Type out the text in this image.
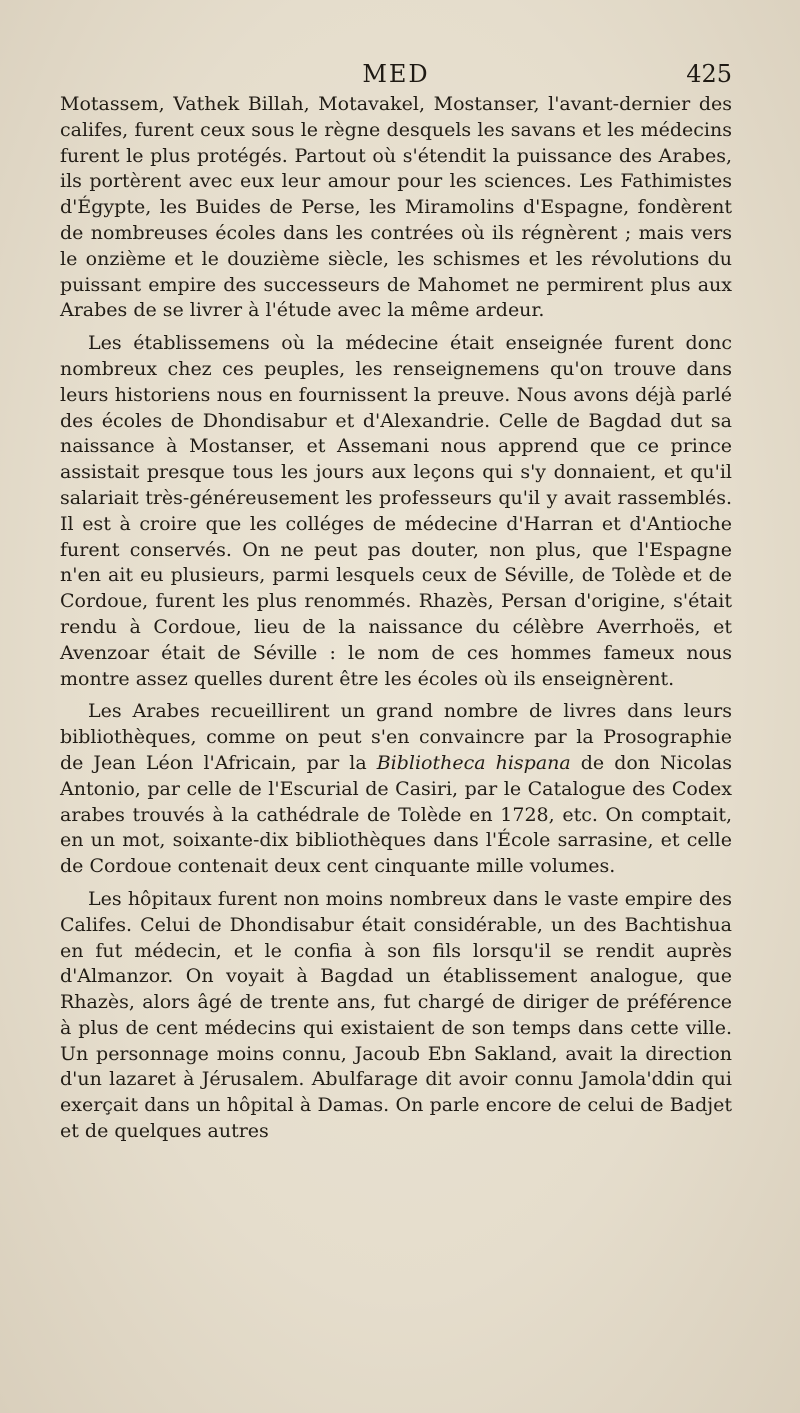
MED	425

Motassem, Vathek Billah, Motavakel, Mostanser, l'avant-dernier des califes, furent ceux sous le règne desquels les savans et les médecins furent le plus protégés. Partout où s'étendit la puissance des Arabes, ils portèrent avec eux leur amour pour les sciences. Les Fathimistes d'Égypte, les Buides de Perse, les Miramolins d'Espagne, fondèrent de nombreuses écoles dans les contrées où ils régnèrent ; mais vers le onzième et le douzième siècle, les schismes et les révolutions du puissant empire des successeurs de Mahomet ne permirent plus aux Arabes de se livrer à l'étude avec la même ardeur.

Les établissemens où la médecine était enseignée furent donc nombreux chez ces peuples, les renseignemens qu'on trouve dans leurs historiens nous en fournissent la preuve. Nous avons déjà parlé des écoles de Dhondisabur et d'Alexandrie. Celle de Bagdad dut sa naissance à Mostanser, et Assemani nous apprend que ce prince assistait presque tous les jours aux leçons qui s'y donnaient, et qu'il salariait très-généreusement les professeurs qu'il y avait rassemblés. Il est à croire que les colléges de médecine d'Harran et d'Antioche furent conservés. On ne peut pas douter, non plus, que l'Espagne n'en ait eu plusieurs, parmi lesquels ceux de Séville, de Tolède et de Cordoue, furent les plus renommés. Rhazès, Persan d'origine, s'était rendu à Cordoue, lieu de la naissance du célèbre Averrhoës, et Avenzoar était de Séville : le nom de ces hommes fameux nous montre assez quelles durent être les écoles où ils enseignèrent.

Les Arabes recueillirent un grand nombre de livres dans leurs bibliothèques, comme on peut s'en convaincre par la Prosographie de Jean Léon l'Africain, par la Bibliotheca hispana de don Nicolas Antonio, par celle de l'Escurial de Casiri, par le Catalogue des Codex arabes trouvés à la cathédrale de Tolède en 1728, etc. On comptait, en un mot, soixante-dix bibliothèques dans l'École sarrasine, et celle de Cordoue contenait deux cent cinquante mille volumes.

Les hôpitaux furent non moins nombreux dans le vaste empire des Califes. Celui de Dhondisabur était considérable, un des Bachtishua en fut médecin, et le confia à son fils lorsqu'il se rendit auprès d'Almanzor. On voyait à Bagdad un établissement analogue, que Rhazès, alors âgé de trente ans, fut chargé de diriger de préférence à plus de cent médecins qui existaient de son temps dans cette ville. Un personnage moins connu, Jacoub Ebn Sakland, avait la direction d'un lazaret à Jérusalem. Abulfarage dit avoir connu Jamola'ddin qui exerçait dans un hôpital à Damas. On parle encore de celui de Badjet et de quelques autres
